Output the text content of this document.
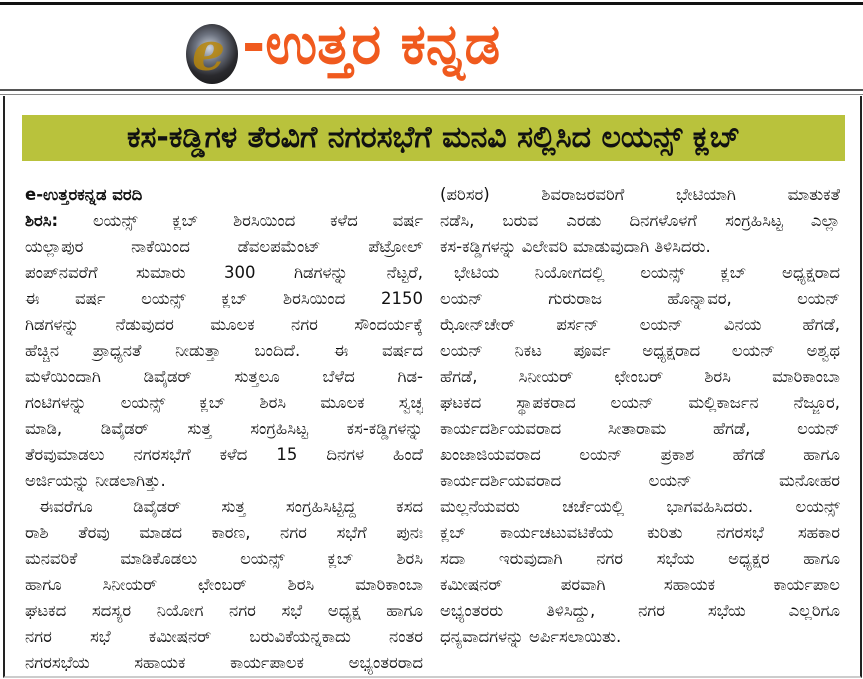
e -ಉತ್ತರ ಕನ್ನಡ
ಕಸ-ಕಡ್ಡಿಗಳ ತೆರವಿಗೆ ನಗರಸಭೆಗೆ ಮನವಿ ಸಲ್ಲಿಸಿದ ಲಯನ್ಸ್ ಕ್ಲಬ್
e-ಉತ್ತರಕನ್ನಡ ವರದಿ
ಶಿರಸಿ: ಲಯನ್ಸ್ ಕ್ಲಬ್ ಶಿರಸಿಯಿಂದ ಕಳೆದ ವರ್ಷ
ಯಲ್ಲಾಪುರ ನಾಕೆಯಿಂದ ಡೆವಲಪಮೆಂಟ್ ಪೆಟ್ರೋಲ್
ಪಂಪ್‌ನವರೆಗೆ ಸುಮಾರು 300 ಗಿಡಗಳನ್ನು ನೆಟ್ಟರೆ,
ಈ ವರ್ಷ ಲಯನ್ಸ್ ಕ್ಲಬ್ ಶಿರಸಿಯಿಂದ 2150
ಗಿಡಗಳನ್ನು ನೆಡುವುದರ ಮೂಲಕ ನಗರ ಸೌಂದರ್ಯಕ್ಕೆ
ಹೆಚ್ಚಿನ ಪ್ರಾಧ್ಯನತೆ ನೀಡುತ್ತಾ ಬಂದಿದೆ. ಈ ವರ್ಷದ
ಮಳೆಯಿಂದಾಗಿ ಡಿವೈಡರ್ ಸುತ್ತಲೂ ಬೆಳೆದ ಗಿಡ-
ಗಂಟಿಗಳನ್ನು ಲಯನ್ಸ್ ಕ್ಲಬ್ ಶಿರಸಿ ಮೂಲಕ ಸ್ವಚ್ಛ
ಮಾಡಿ, ಡಿವೈಡರ್ ಸುತ್ತ ಸಂಗ್ರಹಿಸಿಟ್ಟ ಕಸ-ಕಡ್ಡಿಗಳನ್ನು
ತೆರವುಮಾಡಲು ನಗರಸಭೆಗೆ ಕಳೆದ 15 ದಿನಗಳ ಹಿಂದೆ
ಅರ್ಜಿಯನ್ನು ನೀಡಲಾಗಿತ್ತು.
ಈವರೆಗೂ ಡಿವೈಡರ್ ಸುತ್ತ ಸಂಗ್ರಹಿಸಿಟ್ಟಿದ್ದ ಕಸದ
ರಾಶಿ ತೆರವು ಮಾಡದ ಕಾರಣ, ನಗರ ಸಭೆಗೆ ಪುನಃ
ಮನವರಿಕೆ ಮಾಡಿಕೊಡಲು ಲಯನ್ಸ್ ಕ್ಲಬ್ ಶಿರಸಿ
ಹಾಗೂ ಸಿನೀಯರ್ ಛೇಂಬರ್ ಶಿರಸಿ ಮಾರಿಕಾಂಬಾ
ಘಟಕದ ಸದಸ್ಯರ ನಿಯೋಗ ನಗರ ಸಭೆ ಅಧ್ಯಕ್ಷ ಹಾಗೂ
ನಗರ ಸಭೆ ಕಮೀಷನರ್ ಬರುವಿಕೆಯನ್ನಕಾದು ನಂತರ
ನಗರಸಭೆಯ ಸಹಾಯಕ ಕಾರ್ಯಪಾಲಕ ಅಭ್ಯಂತರರಾದ
(ಪರಿಸರ) ಶಿವರಾಜರವರಿಗೆ ಭೇಟಿಯಾಗಿ ಮಾತುಕತೆ
ನಡೆಸಿ, ಬರುವ ಎರಡು ದಿನಗಳೊಳಗೆ ಸಂಗ್ರಹಿಸಿಟ್ಟ ಎಲ್ಲಾ
ಕಸ-ಕಡ್ಡಿಗಳನ್ನು ವಿಲೇವರಿ ಮಾಡುವುದಾಗಿ ತಿಳಿಸಿದರು.
ಭೇಟಿಯ ನಿಯೋಗದಲ್ಲಿ ಲಯನ್ಸ್ ಕ್ಲಬ್ ಅಧ್ಯಕ್ಷರಾದ
ಲಯನ್ ಗುರುರಾಜ ಹೊನ್ನಾವರ, ಲಯನ್
ಝೋನ್‌ಚೇರ್ ಪರ್ಸನ್ ಲಯನ್ ವಿನಯ ಹೆಗಡೆ,
ಲಯನ್ ನಿಕಟ ಪೂರ್ವ ಅಧ್ಯಕ್ಷರಾದ ಲಯನ್ ಅಶ್ವಥ
ಹೆಗಡೆ, ಸಿನೀಯರ್ ಛೇಂಬರ್ ಶಿರಸಿ ಮಾರಿಕಾಂಬಾ
ಘಟಕದ ಸ್ಥಾಪಕರಾದ ಲಯನ್ ಮಲ್ಲಿಕಾರ್ಜನ ನೆಜ್ಜೂರ,
ಕಾರ್ಯದರ್ಶಿಯವರಾದ ಸೀತಾರಾಮ ಹೆಗಡೆ, ಲಯನ್
ಖಂಜಾಜಿಯವರಾದ ಲಯನ್ ಪ್ರಕಾಶ ಹೆಗಡೆ ಹಾಗೂ
ಕಾರ್ಯದರ್ಶಿಯವರಾದ ಲಯನ್ ಮನೋಹರ
ಮಲ್ಲನೆಯವರು ಚರ್ಚೆಯಲ್ಲಿ ಭಾಗವಹಿಸಿದರು. ಲಯನ್ಸ್
ಕ್ಲಬ್ ಕಾರ್ಯಚಟುವಟಿಕೆಯ ಕುರಿತು ನಗರಸಭೆ ಸಹಕಾರ
ಸದಾ ಇರುವುದಾಗಿ ನಗರ ಸಭೆಯ ಅಧ್ಯಕ್ಷರ ಹಾಗೂ
ಕಮೀಷನರ್ ಪರವಾಗಿ ಸಹಾಯಕ ಕಾರ್ಯಪಾಲ
ಅಭ್ಯಂತರರು ತಿಳಿಸಿದ್ದು, ನಗರ ಸಭೆಯ ಎಲ್ಲರಿಗೂ
ಧನ್ಯವಾದಗಳನ್ನು ಅರ್ಪಿಸಲಾಯಿತು.
